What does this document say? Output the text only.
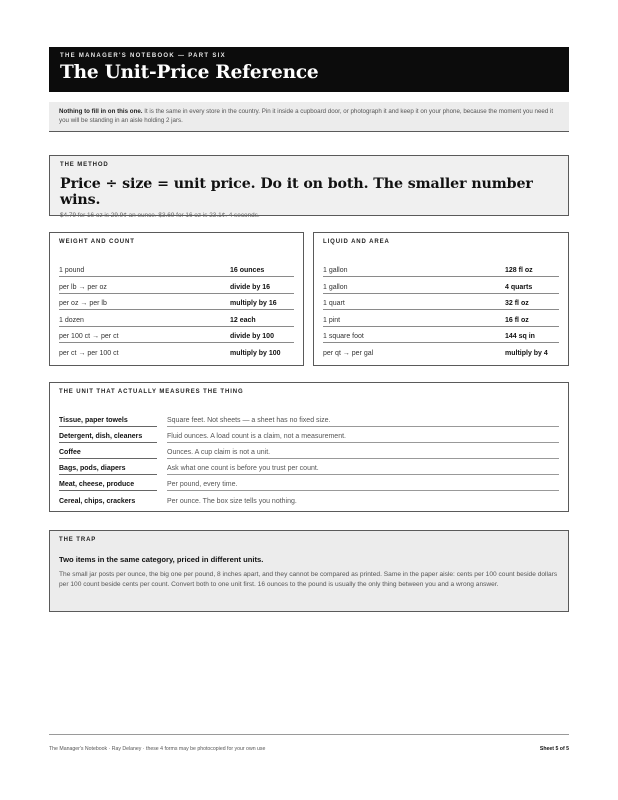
THE MANAGER'S NOTEBOOK — PART SIX
The Unit-Price Reference
Nothing to fill in on this one. It is the same in every store in the country. Pin it inside a cupboard door, or photograph it and keep it on your phone, because the moment you need it you will be standing in an aisle holding 2 jars.
THE METHOD
Price ÷ size = unit price. Do it on both. The smaller number wins.
$4.79 for 16 oz is 29.9¢ an ounce. $3.69 for 16 oz is 23.1¢. 4 seconds.
WEIGHT AND COUNT
1 pound	16 ounces
per lb → per oz	divide by 16
per oz → per lb	multiply by 16
1 dozen	12 each
per 100 ct → per ct	divide by 100
per ct → per 100 ct	multiply by 100
LIQUID AND AREA
1 gallon	128 fl oz
1 gallon	4 quarts
1 quart	32 fl oz
1 pint	16 fl oz
1 square foot	144 sq in
per qt → per gal	multiply by 4
THE UNIT THAT ACTUALLY MEASURES THE THING
Tissue, paper towels	Square feet. Not sheets — a sheet has no fixed size.
Detergent, dish, cleaners	Fluid ounces. A load count is a claim, not a measurement.
Coffee	Ounces. A cup claim is not a unit.
Bags, pods, diapers	Ask what one count is before you trust per count.
Meat, cheese, produce	Per pound, every time.
Cereal, chips, crackers	Per ounce. The box size tells you nothing.
THE TRAP
Two items in the same category, priced in different units.
The small jar posts per ounce, the big one per pound, 8 inches apart, and they cannot be compared as printed. Same in the paper aisle: cents per 100 count beside dollars per 100 count beside cents per count. Convert both to one unit first. 16 ounces to the pound is usually the only thing between you and a wrong answer.
The Manager's Notebook · Ray Delaney · these 4 forms may be photocopied for your own use	Sheet 5 of 5
